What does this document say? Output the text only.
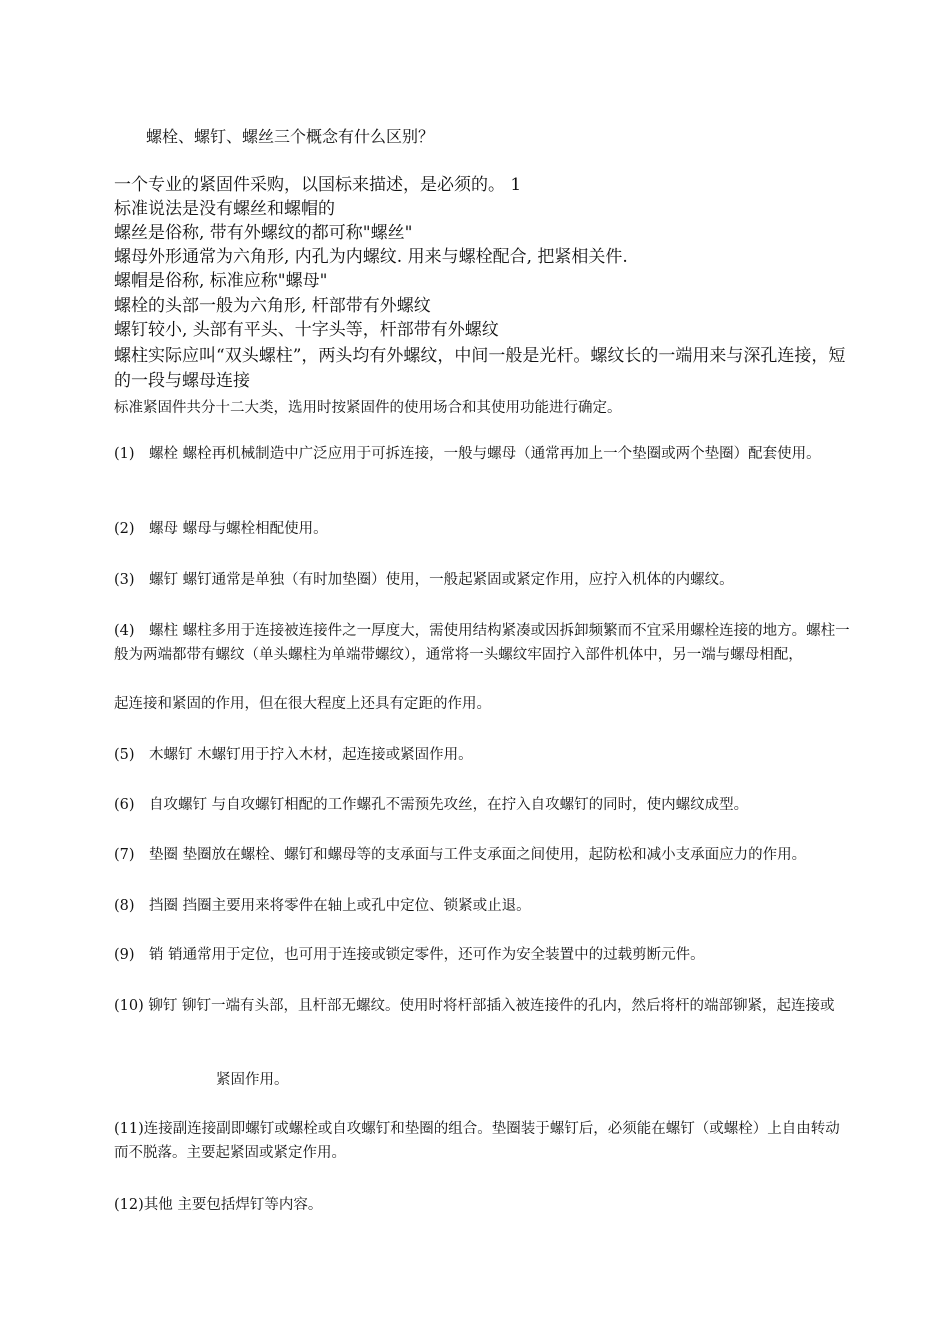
螺栓、螺钉、螺丝三个概念有什么区别？
一个专业的紧固件采购，以国标来描述，是必须的。 1
标准说法是没有螺丝和螺帽的
螺丝是俗称, 带有外螺纹的都可称"螺丝"
螺母外形通常为六角形, 内孔为内螺纹. 用来与螺栓配合, 把紧相关件.
螺帽是俗称, 标准应称"螺母"
螺栓的头部一般为六角形, 杆部带有外螺纹
螺钉较小, 头部有平头、十字头等，杆部带有外螺纹
螺柱实际应叫“双头螺柱”，两头均有外螺纹，中间一般是光杆。螺纹长的一端用来与深孔连接，短的一段与螺母连接
标准紧固件共分十二大类，选用时按紧固件的使用场合和其使用功能进行确定。
(1)　螺栓 螺栓再机械制造中广泛应用于可拆连接，一般与螺母（通常再加上一个垫圈或两个垫圈）配套使用。
(2)　螺母 螺母与螺栓相配使用。
(3)　螺钉 螺钉通常是单独（有时加垫圈）使用，一般起紧固或紧定作用，应拧入机体的内螺纹。
(4)　螺柱 螺柱多用于连接被连接件之一厚度大，需使用结构紧凑或因拆卸频繁而不宜采用螺栓连接的地方。螺柱一般为两端都带有螺纹（单头螺柱为单端带螺纹），通常将一头螺纹牢固拧入部件机体中，另一端与螺母相配，
起连接和紧固的作用，但在很大程度上还具有定距的作用。
(5)　木螺钉 木螺钉用于拧入木材，起连接或紧固作用。
(6)　自攻螺钉 与自攻螺钉相配的工作螺孔不需预先攻丝，在拧入自攻螺钉的同时，使内螺纹成型。
(7)　垫圈 垫圈放在螺栓、螺钉和螺母等的支承面与工件支承面之间使用，起防松和减小支承面应力的作用。
(8)　挡圈 挡圈主要用来将零件在轴上或孔中定位、锁紧或止退。
(9)　销 销通常用于定位，也可用于连接或锁定零件，还可作为安全装置中的过载剪断元件。
(10) 铆钉 铆钉一端有头部，且杆部无螺纹。使用时将杆部插入被连接件的孔内，然后将杆的端部铆紧，起连接或
紧固作用。
(11)连接副连接副即螺钉或螺栓或自攻螺钉和垫圈的组合。垫圈装于螺钉后，必须能在螺钉（或螺栓）上自由转动而不脱落。主要起紧固或紧定作用。
(12)其他 主要包括焊钉等内容。
